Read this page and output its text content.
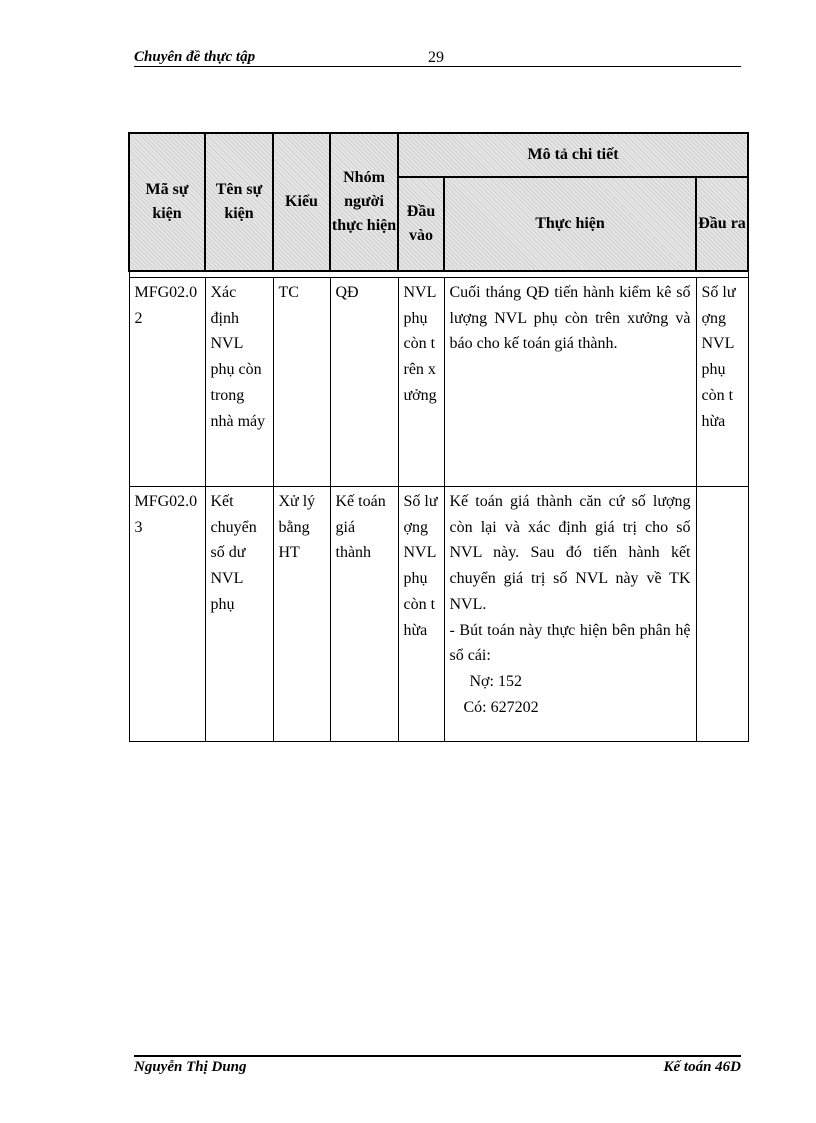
Chuyên đề thực tập	29
Mã sự kiện	Tên sự kiện	Kiểu	Nhóm người thực hiện	Mô tả chi tiết		

				Đầu vào	Thực hiện	Đầu ra

MFG02.02	Xác định NVL phụ còn trong nhà máy	TC	QĐ	NVL phụ còn trên xưởng	Cuối tháng QĐ tiến hành kiểm kê số lượng NVL phụ còn trên xưởng và báo cho kế toán giá thành.	Số lượng NVL phụ còn thừa

MFG02.03	Kết chuyển số dư NVL phụ	Xử lý bằng HT	Kế toán giá thành	Số lượng NVL phụ còn thừa	Kế toán giá thành căn cứ số lượng còn lại và xác định giá trị cho số NVL này. Sau đó tiến hành kết chuyển giá trị số NVL này về TK NVL.
- Bút toán này thực hiện bên phân hệ sổ cái:
Nợ: 152
Có: 627202	

Nguyễn Thị Dung	Kế toán 46D
